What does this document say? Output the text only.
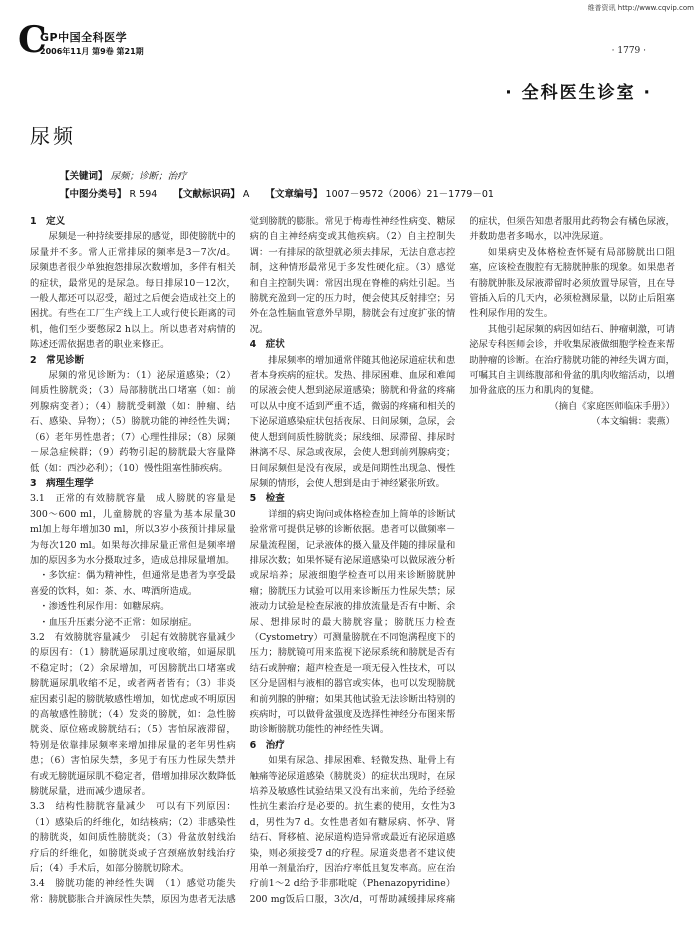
维普资讯 http://www.cqvip.com
C
GP中国全科医学
2006年11月 第9卷 第21期	· 1779 ·
· 全科医生诊室 ·
尿频
【关键词】 尿频；诊断；治疗
【中图分类号】 R 594 【文献标识码】 A 【文章编号】 1007－9572（2006）21－1779－01
1　定义

尿频是一种持续要排尿的感觉，即使膀胱中的尿量并不多。常人正常排尿的频率是3－7次/d。尿频患者很少单独抱怨排尿次数增加，多伴有相关的症状，最常见的是尿急。每日排尿10－12次，一般人都还可以忍受，超过之后便会造成社交上的困扰。有些在工厂生产线上工人或行使长距离的司机，他们至少要憋尿2 h以上。所以患者对病情的陈述还需依据患者的职业来修正。

2　常见诊断

尿频的常见诊断为：（1）泌尿道感染；（2）间质性膀胱炎；（3）局部膀胱出口堵塞（如：前列腺病变者）；（4）膀胱受刺激（如：肿瘤、结石、感染、异物）；（5）膀胱功能的神经性失调；（6）老年男性患者；（7）心理性排尿；（8）尿频－尿急症候群；（9）药物引起的膀胱最大容量降低（如：西沙必利）；（10）慢性阻塞性肺疾病。

3　病理生理学

3.1　正常的有效膀胱容量　成人膀胱的容量是300～600 ml，儿童膀胱的容量为基本尿量30 ml加上每年增加30 ml，所以3岁小孩预计排尿量为每次120 ml。如果每次排尿量正常但是频率增加的原因多为水分摄取过多，造成总排尿量增加。

・多饮症：偶为精神性，但通常是患者为享受最喜爱的饮料，如：茶、水、啤酒所造成。

・渗透性利尿作用：如糖尿病。

・血压升压素分泌不正常：如尿崩症。

3.2　有效膀胱容量减少　引起有效膀胱容量减少的原因有：（1）膀胱逼尿肌过度收缩，如逼尿肌不稳定时；（2）余尿增加，可因膀胱出口堵塞或膀胱逼尿肌收缩不足，或者两者皆有；（3）非炎症因素引起的膀胱敏感性增加，如忧虑或不明原因的高敏感性膀胱；（4）发炎的膀胱，如：急性膀胱炎、原位癌或膀胱结石；（5）害怕尿液滞留，特别是依靠排尿频率来增加排尿量的老年男性病患；（6）害怕尿失禁，多见于有压力性尿失禁并有或无膀胱逼尿肌不稳定者，借增加排尿次数降低膀胱尿量，进而减少遗尿者。

3.3　结构性膀胱容量减少　可以有下列原因：（1）感染后的纤维化，如结核病；（2）非感染性的膀胱炎，如间质性膀胱炎；（3）骨盆放射线治疗后的纤维化，如膀胱炎或子宫颈癌放射线治疗后；（4）手术后，如部分膀胱切除术。

3.4　膀胱功能的神经性失调　（1）感觉功能失常：膀胱膨胀合并滴尿性失禁，原因为患者无法感觉到膀胱的膨胀。常见于梅毒性神经性病变、糖尿病的自主神经病变或其他疾病。（2）自主控制失调：一有排尿的欲望就必须去排尿，无法自意志控制，这种情形最常见于多发性硬化症。（3）感觉和自主控制失调：常因出现在脊椎的病灶引起。当膀胱充盈到一定的压力时，便会使其反射排空；另外在急性脑血管意外早期，膀胱会有过度扩张的情况。

4　症状

排尿频率的增加通常伴随其他泌尿道症状和患者本身疾病的症状。发热、排尿困难、血尿和难闻的尿液会使人想到泌尿道感染；膀胱和骨盆的疼痛可以从中度不适到严重不适，微弱的疼痛和相关的下泌尿道感染症状包括夜尿、日间尿频，急尿，会使人想到间质性膀胱炎；尿线细、尿滞留、排尿时淋漓不尽、尿急或夜尿，会使人想到前列腺病变；日间尿频但是没有夜尿，或是间期性出现急、慢性尿频的情形，会使人想到是由于神经紧张所致。

5　检查

详细的病史询问或体格检查加上简单的诊断试验常常可提供足够的诊断依据。患者可以做频率－尿量流程图，记录液体的摄入量及伴随的排尿量和排尿次数；如果怀疑有泌尿道感染可以做尿液分析或尿培养；尿液细胞学检查可以用来诊断膀胱肿瘤；膀胱压力试验可以用来诊断压力性尿失禁；尿液动力试验是检查尿液的排放流量是否有中断、余尿、想排尿时的最大膀胱容量；膀胱压力检查（Cystometry）可测量膀胱在不同饱满程度下的压力；膀胱镜可用来监视下泌尿系统和膀胱是否有结石或肿瘤；超声检查是一项无侵入性技术，可以区分是固相与液相的器官或实体，也可以发现膀胱和前列腺的肿瘤；如果其他试验无法诊断出特别的疾病时，可以做骨盆强度及选择性神经分布图来帮助诊断膀胱功能性的神经性失调。

6　治疗

如果有尿急、排尿困难、轻微发热、耻骨上有触痛等泌尿道感染（膀胱炎）的症状出现时，在尿培养及敏感性试验结果又没有出来前，先给予经验性抗生素治疗是必要的。抗生素的使用，女性为3 d，男性为7 d。女性患者如有糖尿病、怀孕、肾结石、肾移植、泌尿道构造异常或最近有泌尿道感染，则必须接受7 d的疗程。尿道炎患者不建议使用单一剂量治疗，因治疗率低且复发率高。应在治疗前1～2 d给予非那吡啶（Phenazopyridine）200 mg饭后口服，3次/d，可帮助减缓排尿疼痛的症状，但须告知患者服用此药物会有橘色尿液，并数助患者多喝水，以冲洗尿道。

如果病史及体格检查怀疑有局部膀胱出口阻塞，应该检查腹腔有无膀胱肿胀的现象。如果患者有膀胱肿胀及尿液滞留时必须放置导尿管，且在导管插入后的几天内，必须检测尿量，以防止后阻塞性利尿作用的发生。

其他引起尿频的病因如结石、肿瘤刺激，可请泌尿专科医师会诊，并收集尿液做细胞学检查来帮助肿瘤的诊断。在治疗膀胱功能的神经失调方面，可嘱其自主训练腹部和骨盆的肌肉收缩活动，以增加骨盆底的压力和肌肉的复健。

（摘自《家庭医师临床手册》）

（本文编辑：裴燕）
